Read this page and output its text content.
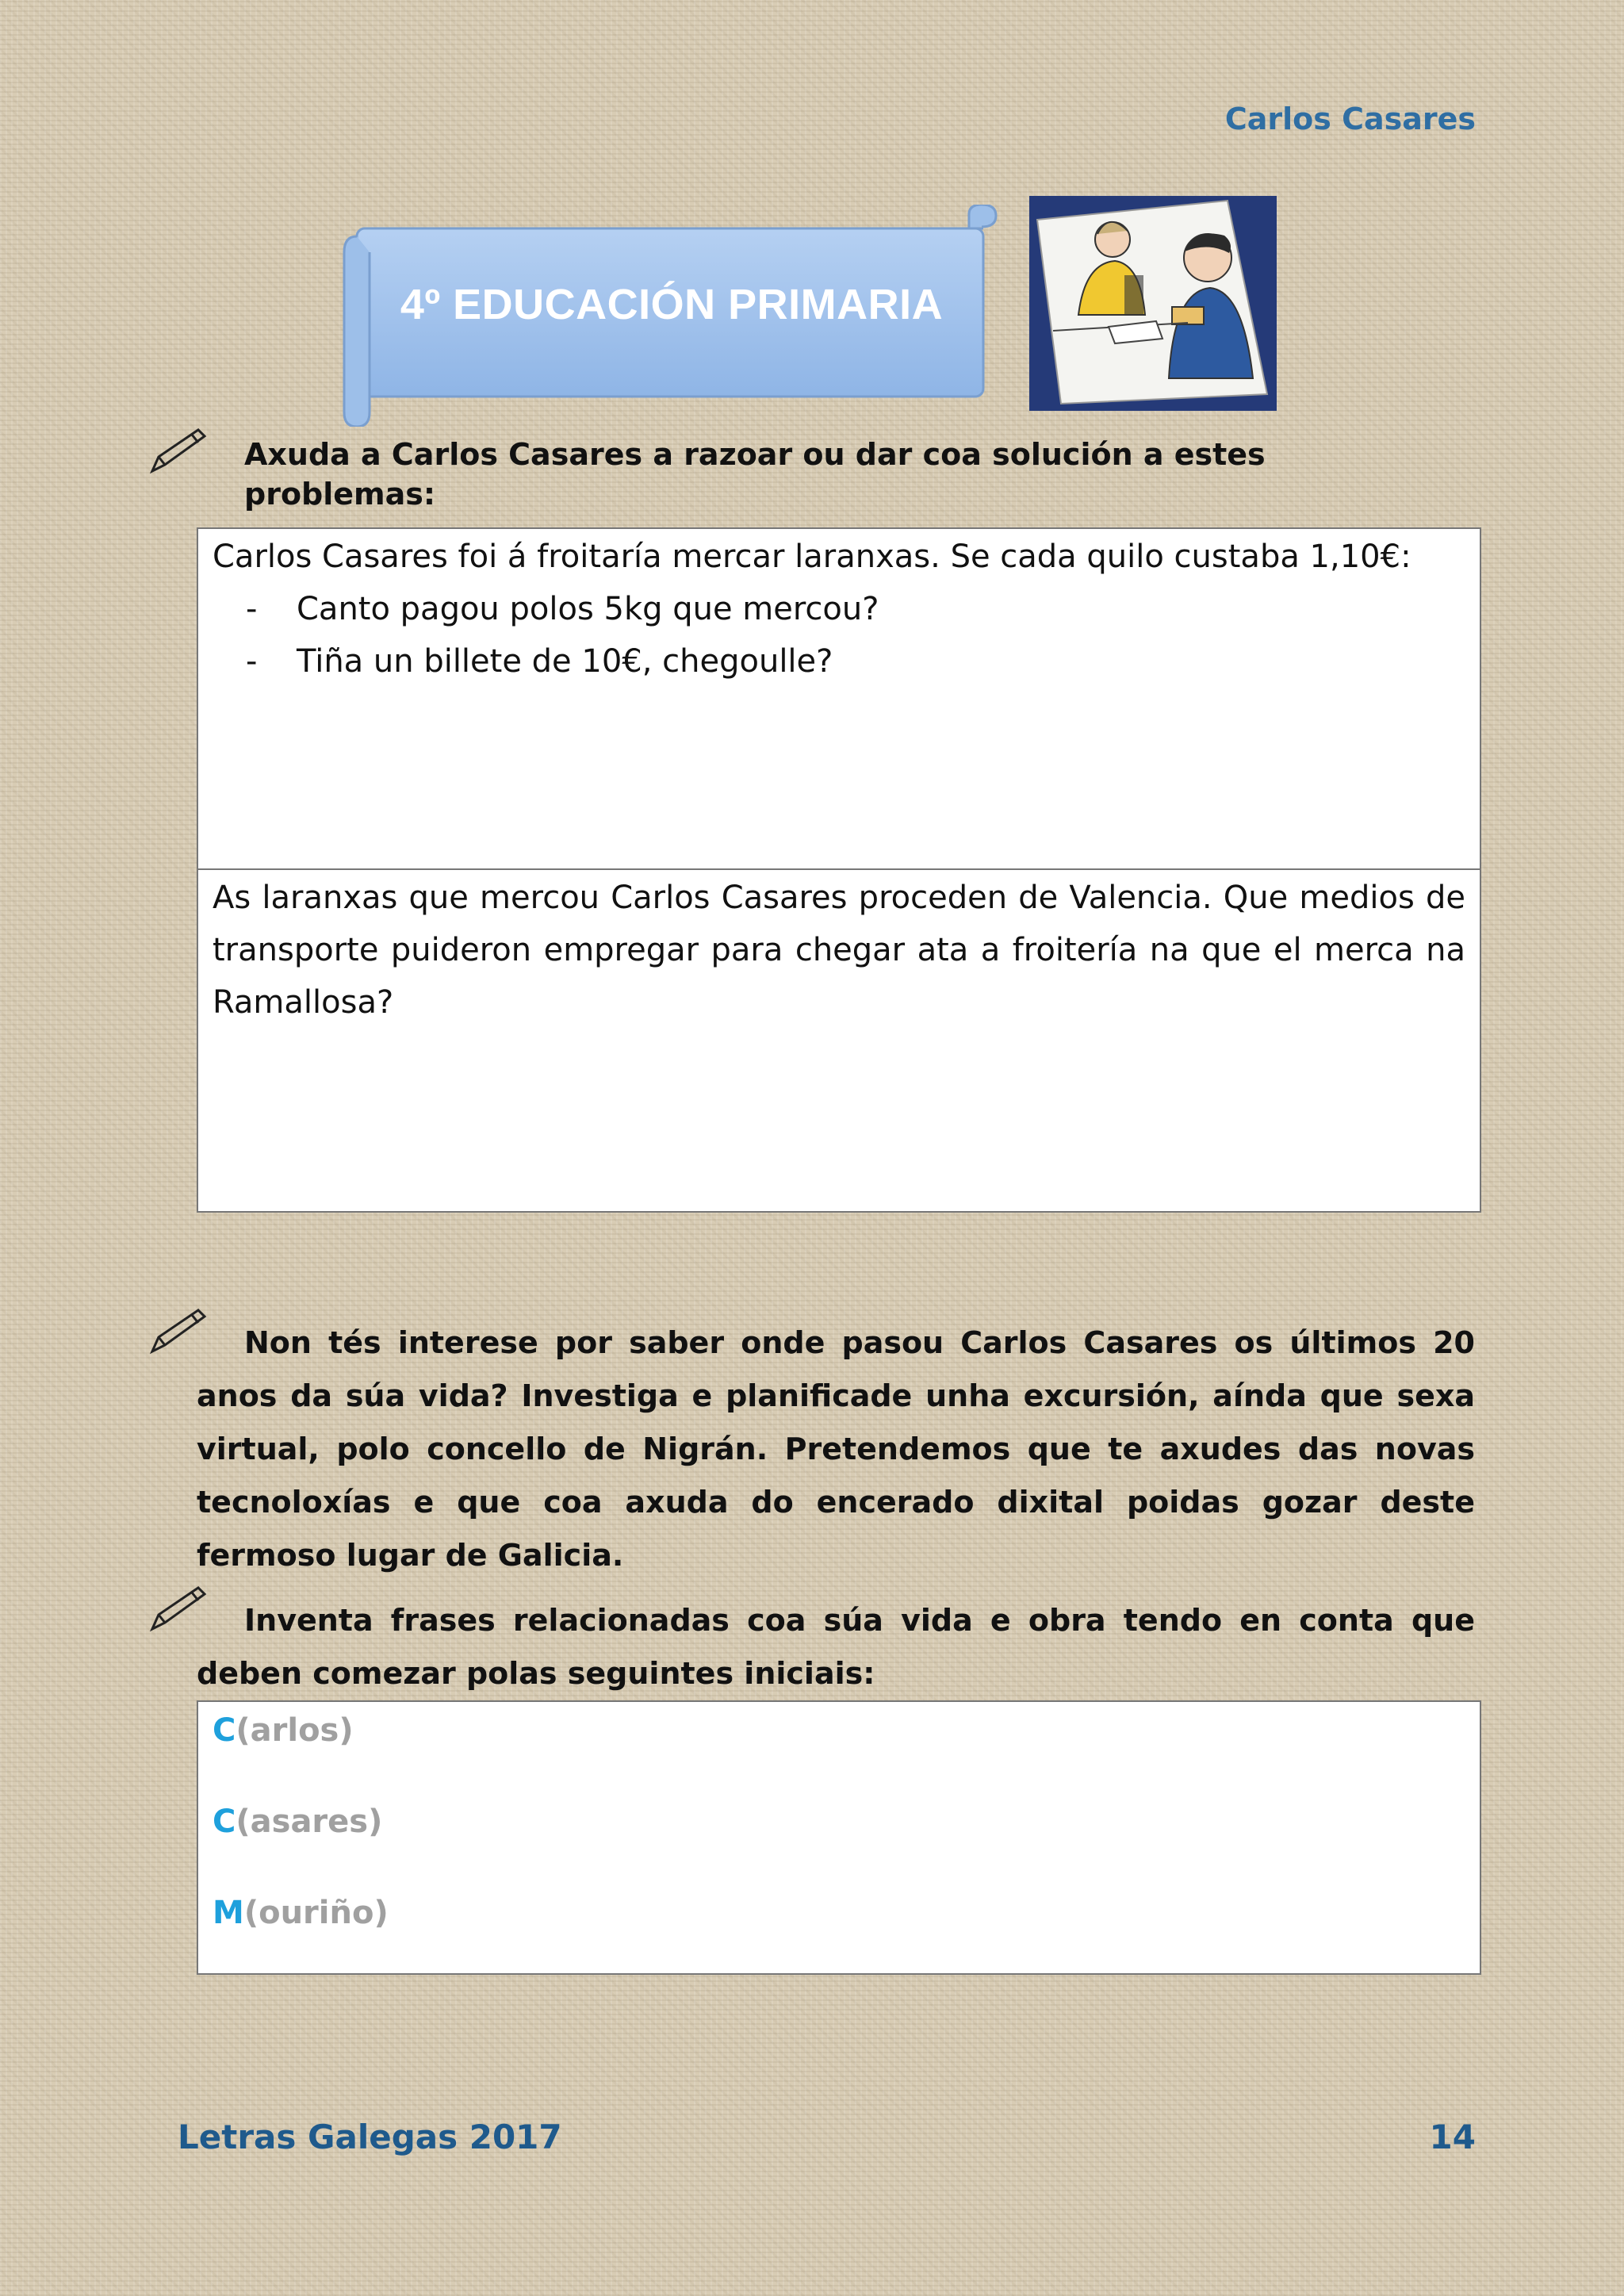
Carlos Casares
4º EDUCACIÓN PRIMARIA
Axuda a Carlos Casares a razoar ou dar coa solución a estes problemas:
Carlos Casares foi á froitaría mercar laranxas. Se cada quilo custaba 1,10€:
- Canto pagou polos 5kg que mercou?
- Tiña un billete de 10€, chegoulle?
As laranxas que mercou Carlos Casares proceden de Valencia. Que medios de transporte puideron empregar para chegar ata a froitería na que el merca na Ramallosa?
Non tés interese por saber onde pasou Carlos Casares os últimos 20 anos da súa vida? Investiga e planificade unha excursión, aínda que sexa virtual, polo concello de Nigrán. Pretendemos que te axudes das novas tecnoloxías e que coa axuda do encerado dixital poidas gozar deste fermoso lugar de Galicia.
Inventa frases relacionadas coa súa vida e obra tendo en conta que deben comezar polas seguintes iniciais:
C(arlos)
C(asares)
M(ouriño)
Letras Galegas 2017	14
